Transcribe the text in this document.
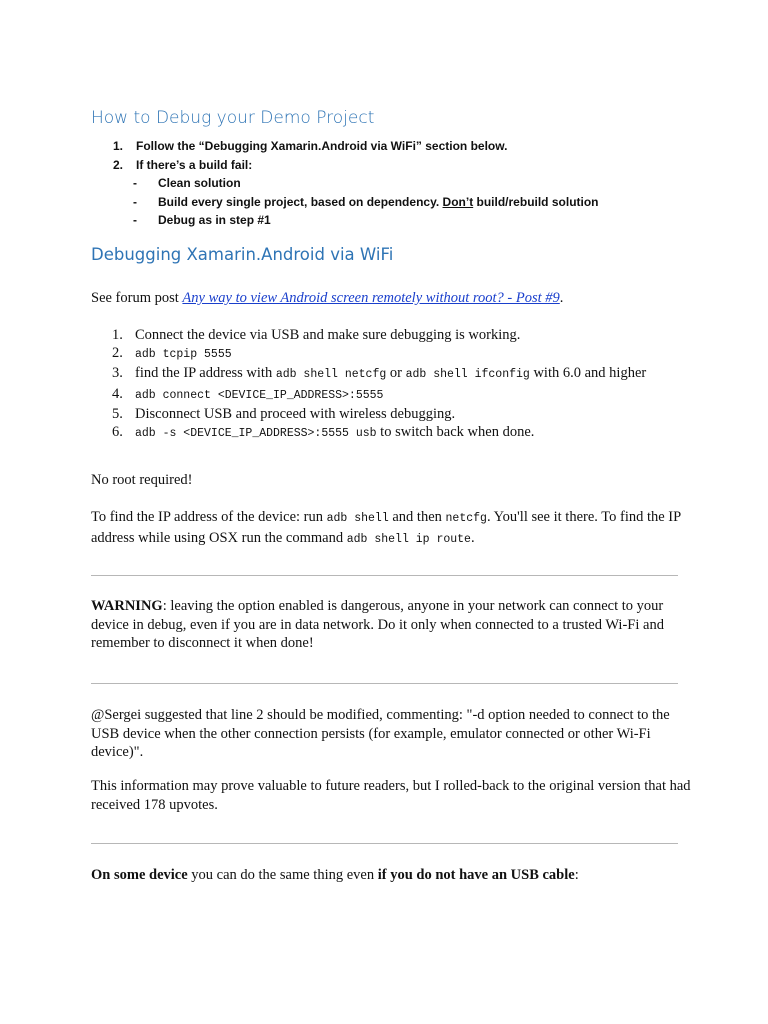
How to Debug your Demo Project
1. Follow the “Debugging Xamarin.Android via WiFi” section below.
2. If there’s a build fail:
- Clean solution
- Build every single project, based on dependency. Don’t build/rebuild solution
- Debug as in step #1
Debugging Xamarin.Android via WiFi
See forum post Any way to view Android screen remotely without root? - Post #9.
1. Connect the device via USB and make sure debugging is working.
2. adb tcpip 5555
3. find the IP address with adb shell netcfg or adb shell ifconfig with 6.0 and higher
4. adb connect <DEVICE_IP_ADDRESS>:5555
5. Disconnect USB and proceed with wireless debugging.
6. adb -s <DEVICE_IP_ADDRESS>:5555 usb to switch back when done.
No root required!
To find the IP address of the device: run adb shell and then netcfg. You'll see it there. To find the IP address while using OSX run the command adb shell ip route.
WARNING: leaving the option enabled is dangerous, anyone in your network can connect to your device in debug, even if you are in data network. Do it only when connected to a trusted Wi-Fi and remember to disconnect it when done!
@Sergei suggested that line 2 should be modified, commenting: "-d option needed to connect to the USB device when the other connection persists (for example, emulator connected or other Wi-Fi device)".
This information may prove valuable to future readers, but I rolled-back to the original version that had received 178 upvotes.
On some device you can do the same thing even if you do not have an USB cable:
